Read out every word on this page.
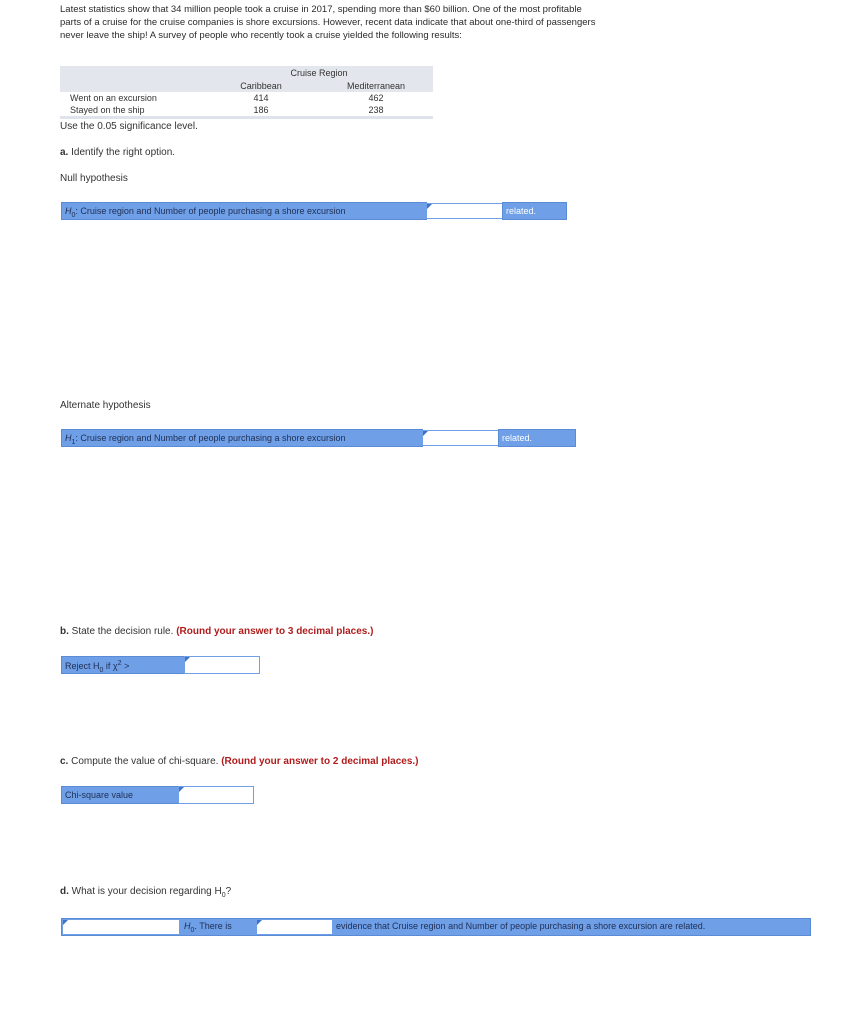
Latest statistics show that 34 million people took a cruise in 2017, spending more than $60 billion. One of the most profitable parts of a cruise for the cruise companies is shore excursions. However, recent data indicate that about one-third of passengers never leave the ship! A survey of people who recently took a cruise yielded the following results:
Cruise Region
Caribbean	Mediterranean
Went on an excursion	414	462
Stayed on the ship	186	238
Use the 0.05 significance level.
a. Identify the right option.
Null hypothesis
$H_0$: Cruise region and Number of people purchasing a shore excursion	related.
Alternate hypothesis
$H_1$: Cruise region and Number of people purchasing a shore excursion	related.
b. State the decision rule. (Round your answer to 3 decimal places.)
Reject $H_0$ if $\chi^2$ >
c. Compute the value of chi-square. (Round your answer to 2 decimal places.)
Chi-square value
d. What is your decision regarding $H_0$?
$H_0$. There is	evidence that Cruise region and Number of people purchasing a shore excursion are related.
